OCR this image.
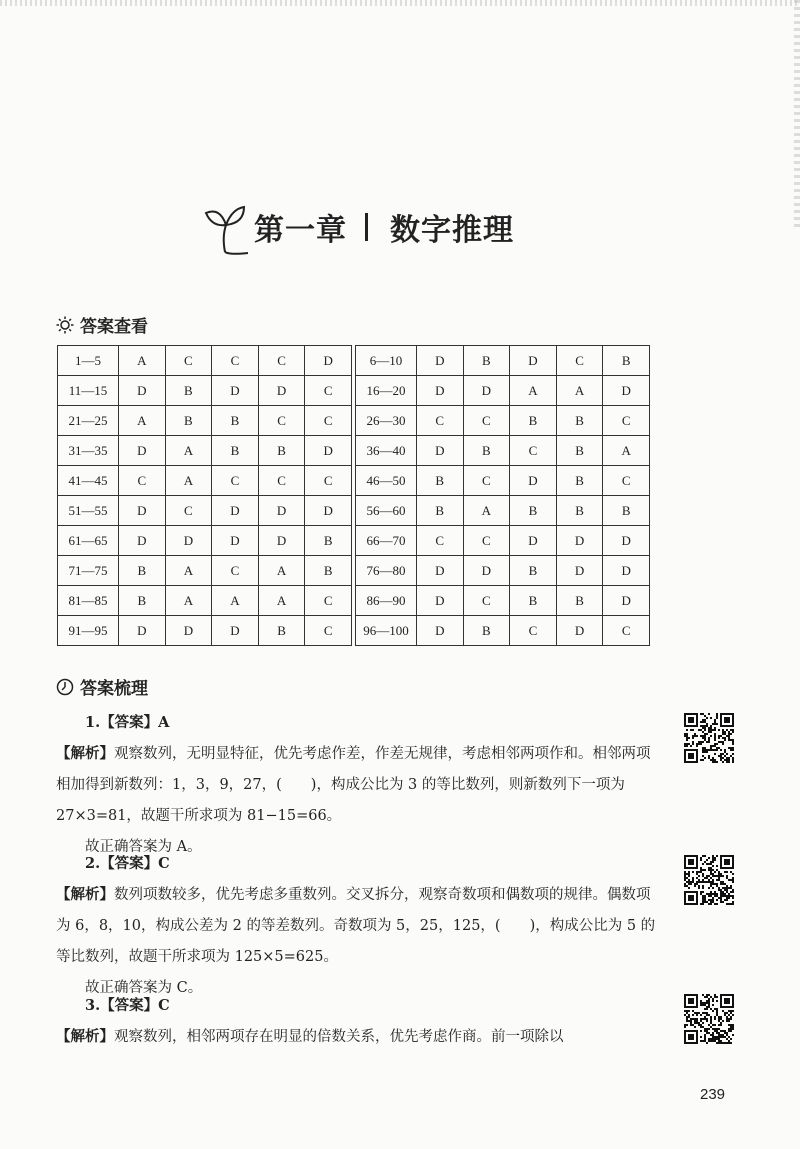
第一章 数字推理
答案查看
1—5	A	C	C	C	D		6—10	D	B	D	C	B
11—15	D	B	D	D	C		16—20	D	D	A	A	D
21—25	A	B	B	C	C		26—30	C	C	B	B	C
31—35	D	A	B	B	D		36—40	D	B	C	B	A
41—45	C	A	C	C	C		46—50	B	C	D	B	C
51—55	D	C	D	D	D		56—60	B	A	B	B	B
61—65	D	D	D	D	B		66—70	C	C	D	D	D
71—75	B	A	C	A	B		76—80	D	D	B	D	D
81—85	B	A	A	A	C		86—90	D	C	B	B	D
91—95	D	D	D	B	C		96—100	D	B	C	D	C
答案梳理

1.【答案】A

【解析】观察数列，无明显特征，优先考虑作差，作差无规律，考虑相邻两项作和。相邻两项相加得到新数列：1，3，9，27，(　　)，构成公比为 3 的等比数列，则新数列下一项为 27×3=81，故题干所求项为 81−15=66。

故正确答案为 A。

2.【答案】C

【解析】数列项数较多，优先考虑多重数列。交叉拆分，观察奇数项和偶数项的规律。偶数项为 6，8，10，构成公差为 2 的等差数列。奇数项为 5，25，125，(　　)，构成公比为 5 的等比数列，故题干所求项为 125×5=625。

故正确答案为 C。

3.【答案】C

【解析】观察数列，相邻两项存在明显的倍数关系，优先考虑作商。前一项除以

239
